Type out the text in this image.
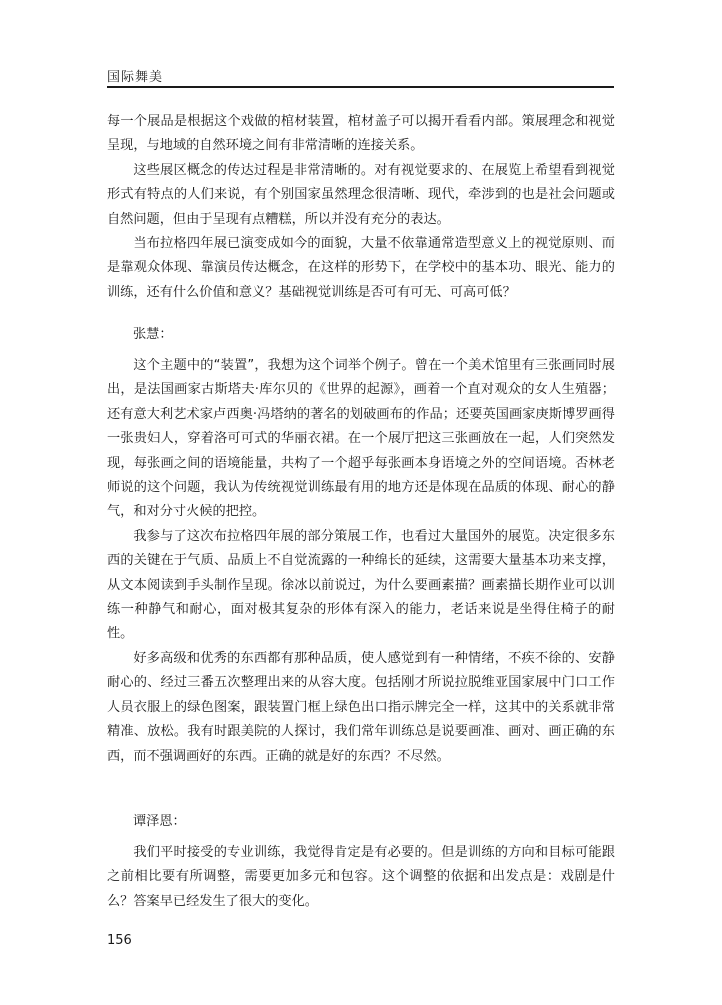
国际舞美

每一个展品是根据这个戏做的棺材装置，棺材盖子可以揭开看看内部。策展理念和视觉呈现，与地域的自然环境之间有非常清晰的连接关系。

这些展区概念的传达过程是非常清晰的。对有视觉要求的、在展览上希望看到视觉形式有特点的人们来说，有个别国家虽然理念很清晰、现代，牵涉到的也是社会问题或自然问题，但由于呈现有点糟糕，所以并没有充分的表达。

当布拉格四年展已演变成如今的面貌，大量不依靠通常造型意义上的视觉原则、而是靠观众体现、靠演员传达概念，在这样的形势下，在学校中的基本功、眼光、能力的训练，还有什么价值和意义？基础视觉训练是否可有可无、可高可低？

张慧：

这个主题中的“装置”，我想为这个词举个例子。曾在一个美术馆里有三张画同时展出，是法国画家古斯塔夫·库尔贝的《世界的起源》，画着一个直对观众的女人生殖器；还有意大利艺术家卢西奥·冯塔纳的著名的划破画布的作品；还要英国画家庚斯博罗画得一张贵妇人，穿着洛可可式的华丽衣裙。在一个展厅把这三张画放在一起，人们突然发现，每张画之间的语境能量，共构了一个超乎每张画本身语境之外的空间语境。否林老师说的这个问题，我认为传统视觉训练最有用的地方还是体现在品质的体现、耐心的静气，和对分寸火候的把控。

我参与了这次布拉格四年展的部分策展工作，也看过大量国外的展览。决定很多东西的关键在于气质、品质上不自觉流露的一种绵长的延续，这需要大量基本功来支撑，从文本阅读到手头制作呈现。徐冰以前说过，为什么要画素描？画素描长期作业可以训练一种静气和耐心，面对极其复杂的形体有深入的能力，老话来说是坐得住椅子的耐性。

好多高级和优秀的东西都有那种品质，使人感觉到有一种情绪，不疾不徐的、安静耐心的、经过三番五次整理出来的从容大度。包括刚才所说拉脱维亚国家展中门口工作人员衣服上的绿色图案，跟装置门框上绿色出口指示牌完全一样，这其中的关系就非常精准、放松。我有时跟美院的人探讨，我们常年训练总是说要画准、画对、画正确的东西，而不强调画好的东西。正确的就是好的东西？不尽然。

谭泽恩：

我们平时接受的专业训练，我觉得肯定是有必要的。但是训练的方向和目标可能跟之前相比要有所调整，需要更加多元和包容。这个调整的依据和出发点是：戏剧是什么？答案早已经发生了很大的变化。

156
